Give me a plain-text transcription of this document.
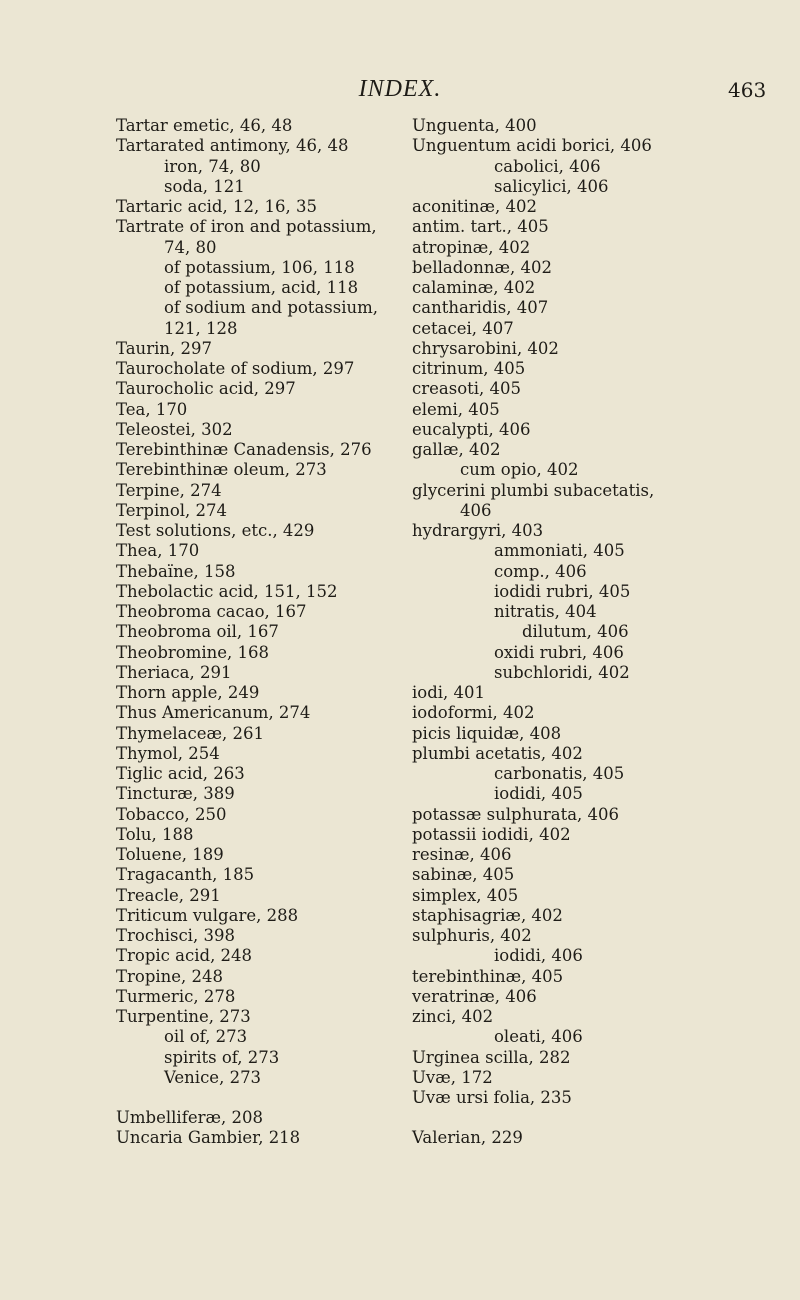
INDEX.	463
Tartar emetic, 46, 48
Tartarated antimony, 46, 48
iron, 74, 80
soda, 121
Tartaric acid, 12, 16, 35
Tartrate of iron and potassium,
74, 80
of potassium, 106, 118
of potassium, acid, 118
of sodium and potassium,
121, 128
Taurin, 297
Taurocholate of sodium, 297
Taurocholic acid, 297
Tea, 170
Teleostei, 302
Terebinthinæ Canadensis, 276
Terebinthinæ oleum, 273
Terpine, 274
Terpinol, 274
Test solutions, etc., 429
Thea, 170
Thebaïne, 158
Thebolactic acid, 151, 152
Theobroma cacao, 167
Theobroma oil, 167
Theobromine, 168
Theriaca, 291
Thorn apple, 249
Thus Americanum, 274
Thymelaceæ, 261
Thymol, 254
Tiglic acid, 263
Tincturæ, 389
Tobacco, 250
Tolu, 188
Toluene, 189
Tragacanth, 185
Treacle, 291
Triticum vulgare, 288
Trochisci, 398
Tropic acid, 248
Tropine, 248
Turmeric, 278
Turpentine, 273
oil of, 273
spirits of, 273
Venice, 273
Umbelliferæ, 208
Uncaria Gambier, 218
Unguenta, 400
Unguentum acidi borici, 406
cabolici, 406
salicylici, 406
aconitinæ, 402
antim. tart., 405
atropinæ, 402
belladonnæ, 402
calaminæ, 402
cantharidis, 407
cetacei, 407
chrysarobini, 402
citrinum, 405
creasoti, 405
elemi, 405
eucalypti, 406
gallæ, 402
cum opio, 402
glycerini plumbi subacetatis,
406
hydrargyri, 403
ammoniati, 405
comp., 406
iodidi rubri, 405
nitratis, 404
dilutum, 406
oxidi rubri, 406
subchloridi, 402
iodi, 401
iodoformi, 402
picis liquidæ, 408
plumbi acetatis, 402
carbonatis, 405
iodidi, 405
potassæ sulphurata, 406
potassii iodidi, 402
resinæ, 406
sabinæ, 405
simplex, 405
staphisagriæ, 402
sulphuris, 402
iodidi, 406
terebinthinæ, 405
veratrinæ, 406
zinci, 402
oleati, 406
Urginea scilla, 282
Uvæ, 172
Uvæ ursi folia, 235
Valerian, 229
